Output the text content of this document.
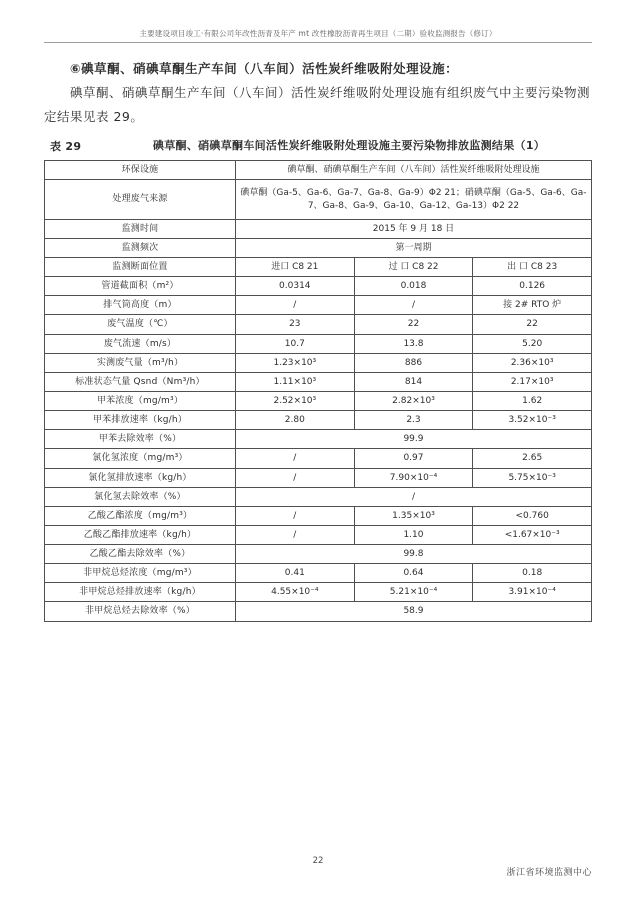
主要建设项目竣工·有限公司年改性沥青及年产 mt 改性橡胶沥青再生项目（二期）验收监测报告（修订）
⑥碘草酮、硝碘草酮生产车间（八车间）活性炭纤维吸附处理设施：
碘草酮、硝碘草酮生产车间（八车间）活性炭纤维吸附处理设施有组织废气中主要污染物测定结果见表 29。
表 29	碘草酮、硝碘草酮车间活性炭纤维吸附处理设施主要污染物排放监测结果（1）
环保设施	碘草酮、硝碘草酮生产车间（八车间）活性炭纤维吸附处理设施		
处理废气来源	碘草酮（Ga-5、Ga-6、Ga-7、Ga-8、Ga-9）Φ2 21；硝碘草酮（Ga-5、Ga-6、Ga-7、Ga-8、Ga-9、Ga-10、Ga-12、Ga-13）Φ2 22		
监测时间	2015 年 9 月 18 日		
监测频次	第一周期		
监测断面位置	进口 C8 21	过 口 C8 22	出 口 C8 23
管道截面积（m²）	0.0314	0.018	0.126
排气筒高度（m）	/	/	接 2# RTO 炉
废气温度（℃）	23	22	22
废气流速（m/s）	10.7	13.8	5.20
实测废气量（m³/h）	1.23×10³	886	2.36×10³
标准状态气量 Qsnd（Nm³/h）	1.11×10³	814	2.17×10³
甲苯浓度（mg/m³）	2.52×10³	2.82×10³	1.62
甲苯排放速率（kg/h）	2.80	2.3	3.52×10⁻³
甲苯去除效率（%）	99.9		
氯化氢浓度（mg/m³）	/	0.97	2.65
氯化氢排放速率（kg/h）	/	7.90×10⁻⁴	5.75×10⁻³
氯化氢去除效率（%）	/		
乙酸乙酯浓度（mg/m³）	/	1.35×10³	<0.760
乙酸乙酯排放速率（kg/h）	/	1.10	<1.67×10⁻³
乙酸乙酯去除效率（%）	99.8		
非甲烷总烃浓度（mg/m³）	0.41	0.64	0.18
非甲烷总烃排放速率（kg/h）	4.55×10⁻⁴	5.21×10⁻⁴	3.91×10⁻⁴
非甲烷总烃去除效率（%）	58.9		
22
浙江省环境监测中心
